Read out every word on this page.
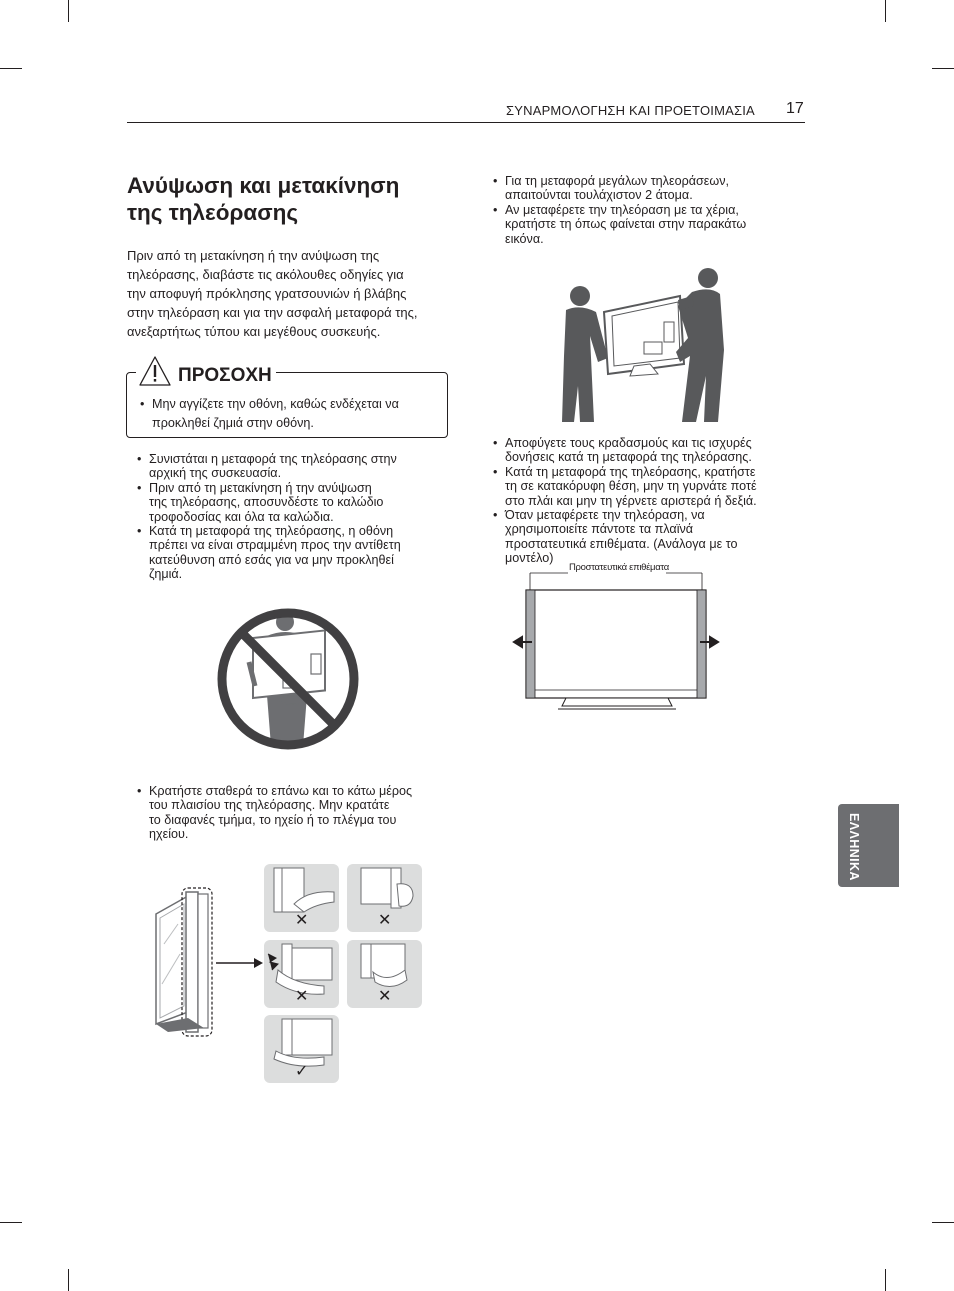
ΣΥΝΑΡΜΟΛΟΓΗΣΗ ΚΑΙ ΠΡΟΕΤΟΙΜΑΣΙΑ 17
Ανύψωση και μετακίνηση
της τηλεόρασης
Πριν από τη μετακίνηση ή την ανύψωση της
τηλεόρασης, διαβάστε τις ακόλουθες οδηγίες για
την αποφυγή πρόκλησης γρατσουνιών ή βλάβης
στην τηλεόραση και για την ασφαλή μεταφορά της,
ανεξαρτήτως τύπου και μεγέθους συσκευής.
• Μην αγγίζετε την οθόνη, καθώς ενδέχεται να
προκληθεί ζημιά στην οθόνη.
ΠΡΟΣΟΧΗ
• Συνιστάται η μεταφορά της τηλεόρασης στην
αρχική της συσκευασία.
• Πριν από τη μετακίνηση ή την ανύψωση
της τηλεόρασης, αποσυνδέστε το καλώδιο
τροφοδοσίας και όλα τα καλώδια.
• Κατά τη μεταφορά της τηλεόρασης, η οθόνη
πρέπει να είναι στραμμένη προς την αντίθετη
κατεύθυνση από εσάς για να μην προκληθεί
ζημιά.
• Κρατήστε σταθερά το επάνω και το κάτω μέρος
του πλαισίου της τηλεόρασης. Μην κρατάτε
το διαφανές τμήμα, το ηχείο ή το πλέγμα του
ηχείου.
✕	✕
✕	✕
✓
• Για τη μεταφορά μεγάλων τηλεοράσεων,
απαιτούνται τουλάχιστον 2 άτομα.
• Αν μεταφέρετε την τηλεόραση με τα χέρια,
κρατήστε τη όπως φαίνεται στην παρακάτω
εικόνα.
• Αποφύγετε τους κραδασμούς και τις ισχυρές
δονήσεις κατά τη μεταφορά της τηλεόρασης.
• Κατά τη μεταφορά της τηλεόρασης, κρατήστε
τη σε κατακόρυφη θέση, μην τη γυρνάτε ποτέ
στο πλάι και μην τη γέρνετε αριστερά ή δεξιά.
• Όταν μεταφέρετε την τηλεόραση, να
χρησιμοποιείτε πάντοτε τα πλαϊνά
προστατευτικά επιθέματα. (Ανάλογα με το
μοντέλο)
Προστατευτικά επιθέματα
ΕΛΛΗΝΙΚΑ
